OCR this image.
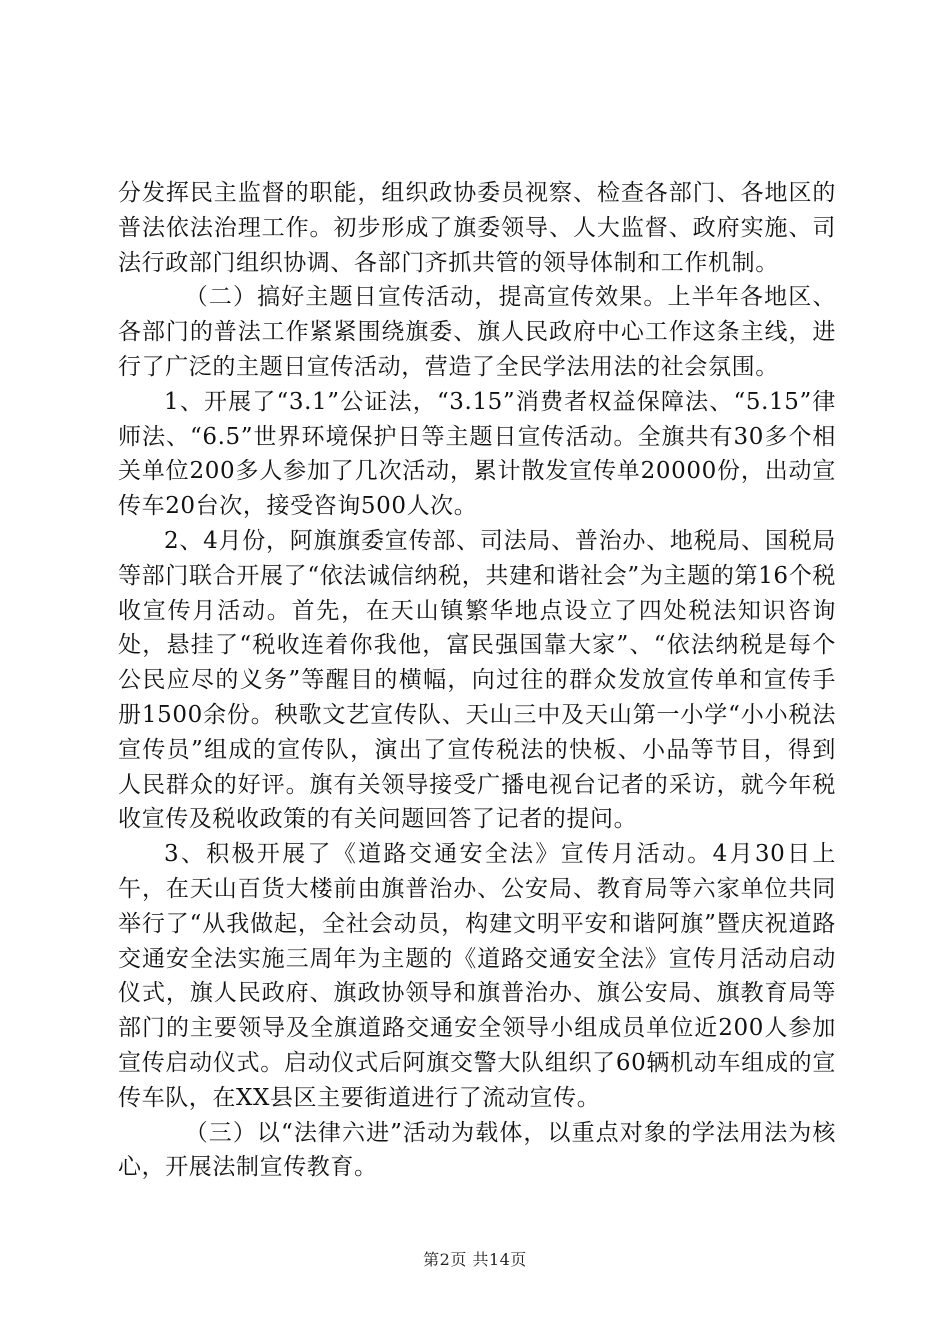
分发挥民主监督的职能，组织政协委员视察、检查各部门、各地区的普法依法治理工作。初步形成了旗委领导、人大监督、政府实施、司法行政部门组织协调、各部门齐抓共管的领导体制和工作机制。

（二）搞好主题日宣传活动，提高宣传效果。上半年各地区、各部门的普法工作紧紧围绕旗委、旗人民政府中心工作这条主线，进行了广泛的主题日宣传活动，营造了全民学法用法的社会氛围。

1、开展了“3.1”公证法，“3.15”消费者权益保障法、“5.15”律师法、“6.5”世界环境保护日等主题日宣传活动。全旗共有30多个相关单位200多人参加了几次活动，累计散发宣传单20000份，出动宣传车20台次，接受咨询500人次。

2、4月份，阿旗旗委宣传部、司法局、普治办、地税局、国税局等部门联合开展了“依法诚信纳税，共建和谐社会”为主题的第16个税收宣传月活动。首先，在天山镇繁华地点设立了四处税法知识咨询处，悬挂了“税收连着你我他，富民强国靠大家”、“依法纳税是每个公民应尽的义务”等醒目的横幅，向过往的群众发放宣传单和宣传手册1500余份。秧歌文艺宣传队、天山三中及天山第一小学“小小税法宣传员”组成的宣传队，演出了宣传税法的快板、小品等节目，得到人民群众的好评。旗有关领导接受广播电视台记者的采访，就今年税收宣传及税收政策的有关问题回答了记者的提问。

3、积极开展了《道路交通安全法》宣传月活动。4月30日上午，在天山百货大楼前由旗普治办、公安局、教育局等六家单位共同举行了“从我做起，全社会动员，构建文明平安和谐阿旗”暨庆祝道路交通安全法实施三周年为主题的《道路交通安全法》宣传月活动启动仪式，旗人民政府、旗政协领导和旗普治办、旗公安局、旗教育局等部门的主要领导及全旗道路交通安全领导小组成员单位近200人参加宣传启动仪式。启动仪式后阿旗交警大队组织了60辆机动车组成的宣传车队，在XX县区主要街道进行了流动宣传。

（三）以“法律六进”活动为载体，以重点对象的学法用法为核心，开展法制宣传教育。

第2页 共14页
